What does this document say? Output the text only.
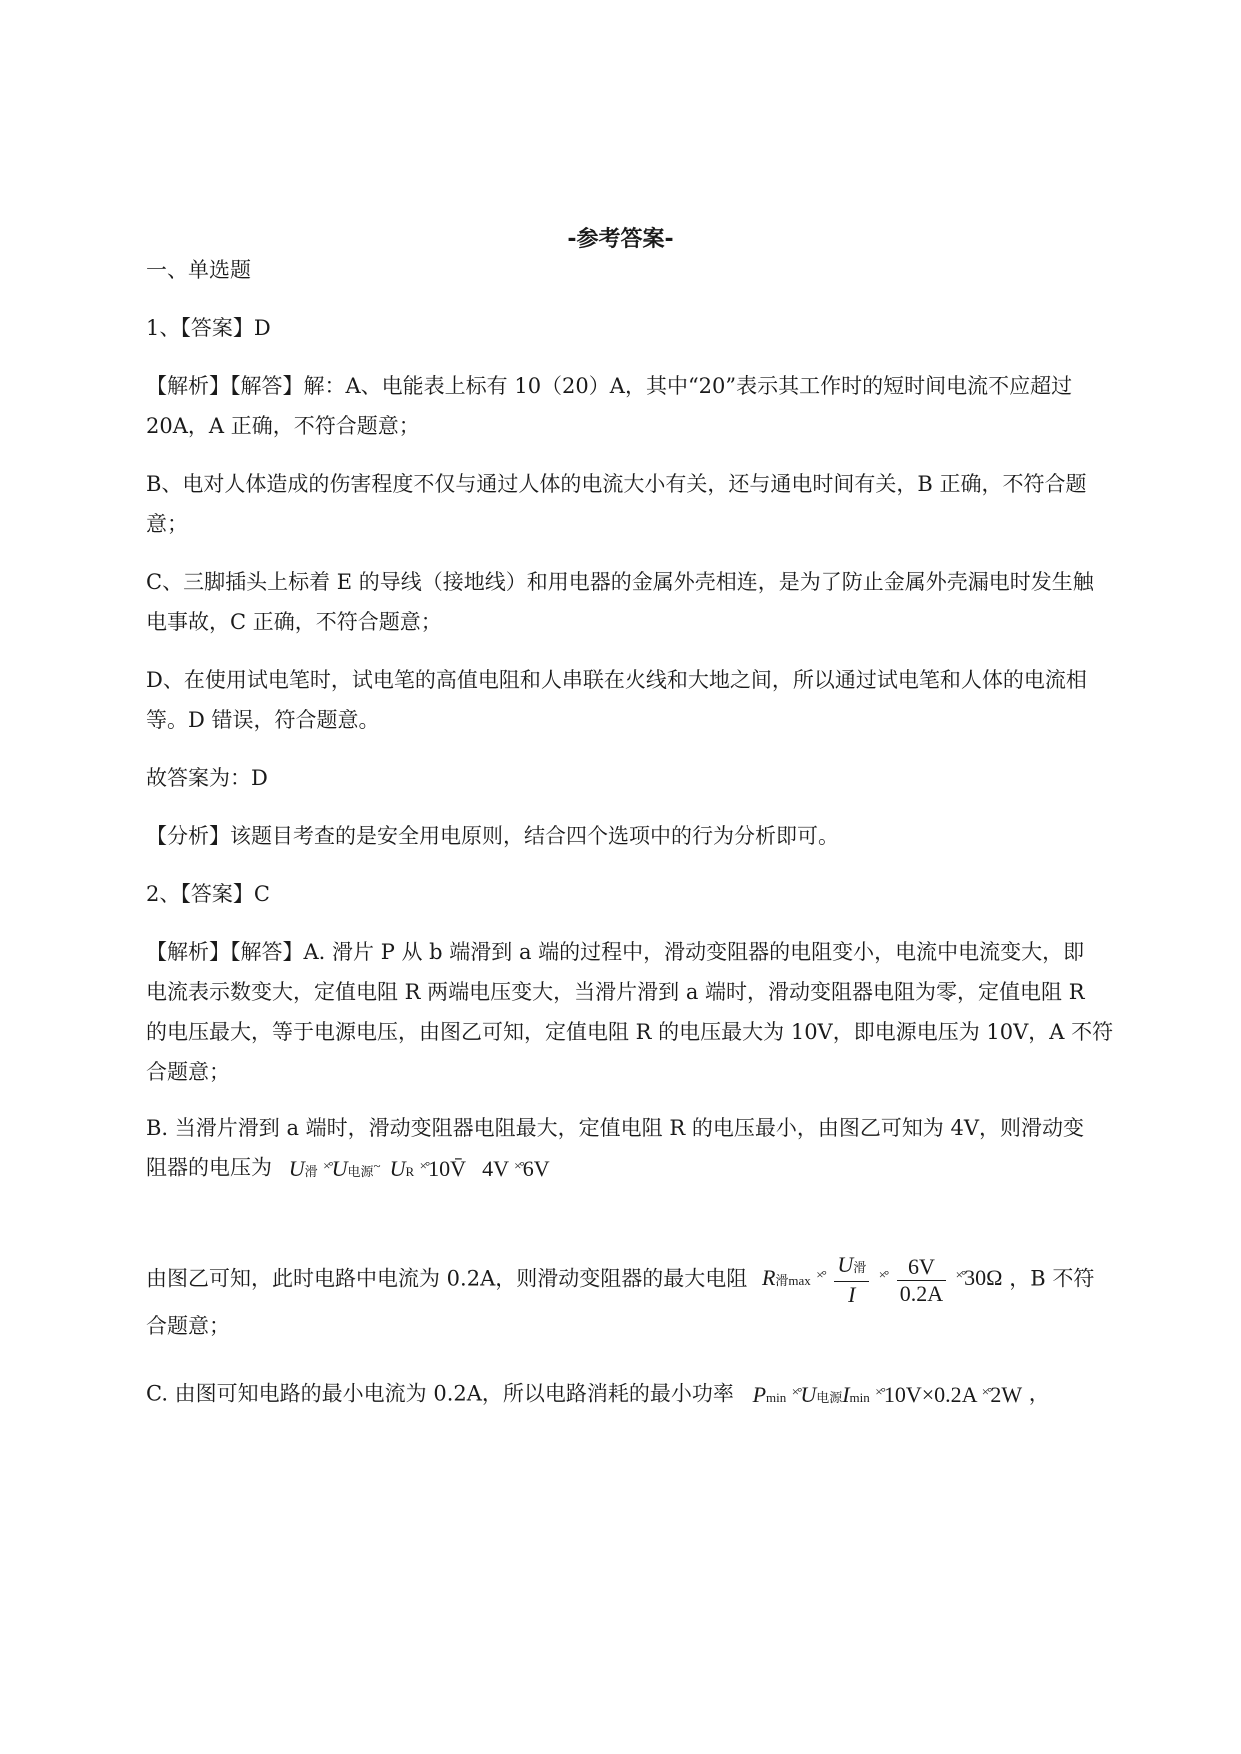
-参考答案-
一、单选题
1、【答案】D
【解析】【解答】解：A、电能表上标有 10（20）A，其中“20”表示其工作时的短时间电流不应超过
20A，A 正确，不符合题意；
B、电对人体造成的伤害程度不仅与通过人体的电流大小有关，还与通电时间有关，B 正确，不符合题
意；
C、三脚插头上标着 E 的导线（接地线）和用电器的金属外壳相连，是为了防止金属外壳漏电时发生触
电事故，C 正确，不符合题意；
D、在使用试电笔时，试电笔的高值电阻和人串联在火线和大地之间，所以通过试电笔和人体的电流相
等。D 错误，符合题意。
故答案为：D
【分析】该题目考查的是安全用电原则，结合四个选项中的行为分析即可。
2、【答案】C
【解析】【解答】A. 滑片 P 从 b 端滑到 a 端的过程中，滑动变阻器的电阻变小，电流中电流变大，即
电流表示数变大，定值电阻 R 两端电压变大，当滑片滑到 a 端时，滑动变阻器电阻为零，定值电阻 R
的电压最大，等于电源电压，由图乙可知，定值电阻 R 的电压最大为 10V，即电源电压为 10V，A 不符
合题意；
B. 当滑片滑到 a 端时，滑动变阻器电阻最大，定值电阻 R 的电压最小，由图乙可知为 4V，则滑动变
阻器的电压为 U滑 ×°U电源~ UR ×°10V̄ 4V ×°6V
由图乙可知，此时电路中电流为 0.2A，则滑动变阻器的最大电阻 R滑$\max ^{\times^\circ} \frac{\text{U滑}}{I} ^{\times^\circ} \frac{6V}{0.2A} ^{\times^\circ}30\Omega$ ，B 不符
合题意；
C. 由图可知电路的最小电流为 0.2A，所以电路消耗的最小功率 Pmin ×°U电源Imin ×°10V×0.2A ×°2W ，
